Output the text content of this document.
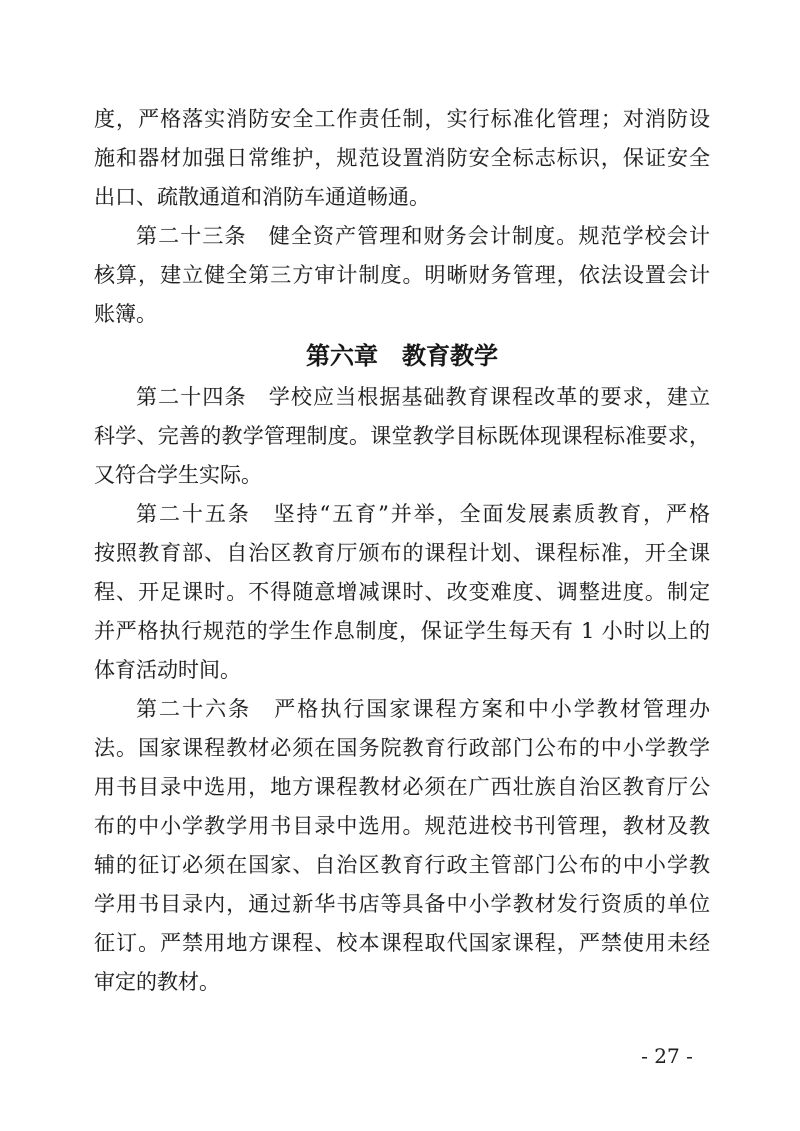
度，严格落实消防安全工作责任制，实行标准化管理；对消防设
施和器材加强日常维护，规范设置消防安全标志标识，保证安全
出口、疏散通道和消防车通道畅通。
第二十三条　健全资产管理和财务会计制度。规范学校会计
核算，建立健全第三方审计制度。明晰财务管理，依法设置会计
账簿。
第六章　教育教学
第二十四条　学校应当根据基础教育课程改革的要求，建立
科学、完善的教学管理制度。课堂教学目标既体现课程标准要求，
又符合学生实际。
第二十五条　坚持“五育”并举，全面发展素质教育，严格
按照教育部、自治区教育厅颁布的课程计划、课程标准，开全课
程、开足课时。不得随意增减课时、改变难度、调整进度。制定
并严格执行规范的学生作息制度，保证学生每天有 1 小时以上的
体育活动时间。
第二十六条　严格执行国家课程方案和中小学教材管理办
法。国家课程教材必须在国务院教育行政部门公布的中小学教学
用书目录中选用，地方课程教材必须在广西壮族自治区教育厅公
布的中小学教学用书目录中选用。规范进校书刊管理，教材及教
辅的征订必须在国家、自治区教育行政主管部门公布的中小学教
学用书目录内，通过新华书店等具备中小学教材发行资质的单位
征订。严禁用地方课程、校本课程取代国家课程，严禁使用未经
审定的教材。
- 27 -
